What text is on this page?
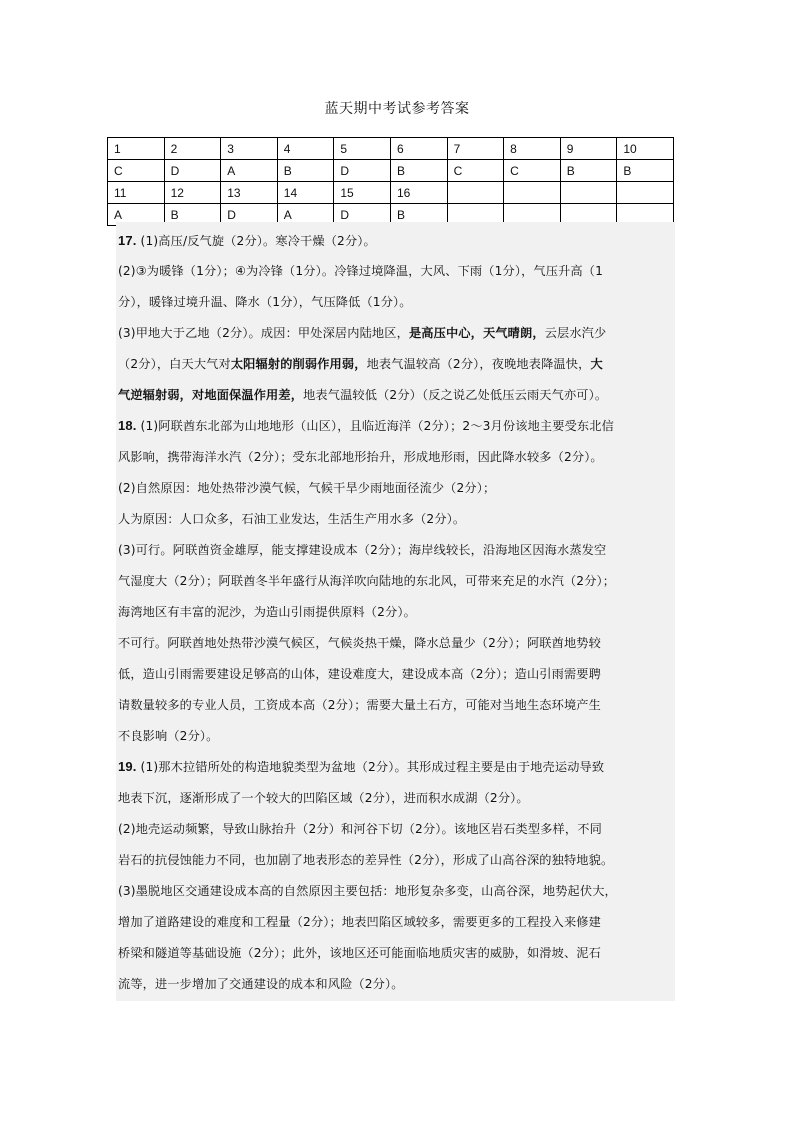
蓝天期中考试参考答案
1	2	3	4	5	6	7	8	9	10
C	D	A	B	D	B	C	C	B	B
11	12	13	14	15	16				
A	B	D	A	D	B				
17. (1)高压/反气旋（2分）。寒冷干燥（2分）。
(2)③为暖锋（1分）；④为冷锋（1分）。冷锋过境降温，大风、下雨（1分），气压升高（1
分），暖锋过境升温、降水（1分），气压降低（1分）。
(3)甲地大于乙地（2分）。成因：甲处深居内陆地区，是高压中心，天气晴朗，云层水汽少
（2分），白天大气对太阳辐射的削弱作用弱，地表气温较高（2分），夜晚地表降温快，大
气逆辐射弱，对地面保温作用差，地表气温较低（2分）（反之说乙处低压云雨天气亦可）。
18. (1)阿联酋东北部为山地地形（山区），且临近海洋（2分）；2～3月份该地主要受东北信
风影响，携带海洋水汽（2分）；受东北部地形抬升，形成地形雨，因此降水较多（2分）。
(2)自然原因：地处热带沙漠气候，气候干旱少雨地面径流少（2分）；
人为原因：人口众多，石油工业发达，生活生产用水多（2分）。
(3)可行。阿联酋资金雄厚，能支撑建设成本（2分）；海岸线较长，沿海地区因海水蒸发空
气湿度大（2分）；阿联酋冬半年盛行从海洋吹向陆地的东北风，可带来充足的水汽（2分）；
海湾地区有丰富的泥沙，为造山引雨提供原料（2分）。
不可行。阿联酋地处热带沙漠气候区，气候炎热干燥，降水总量少（2分）；阿联酋地势较
低，造山引雨需要建设足够高的山体，建设难度大，建设成本高（2分）；造山引雨需要聘
请数量较多的专业人员，工资成本高（2分）；需要大量土石方，可能对当地生态环境产生
不良影响（2分）。
19. (1)那木拉错所处的构造地貌类型为盆地（2分）。其形成过程主要是由于地壳运动导致
地表下沉，逐渐形成了一个较大的凹陷区域（2分），进而积水成湖（2分）。
(2)地壳运动频繁，导致山脉抬升（2分）和河谷下切（2分）。该地区岩石类型多样，不同
岩石的抗侵蚀能力不同，也加剧了地表形态的差异性（2分），形成了山高谷深的独特地貌。
(3)墨脱地区交通建设成本高的自然原因主要包括：地形复杂多变，山高谷深，地势起伏大，
增加了道路建设的难度和工程量（2分）；地表凹陷区域较多，需要更多的工程投入来修建
桥梁和隧道等基础设施（2分）；此外，该地区还可能面临地质灾害的威胁，如滑坡、泥石
流等，进一步增加了交通建设的成本和风险（2分）。
